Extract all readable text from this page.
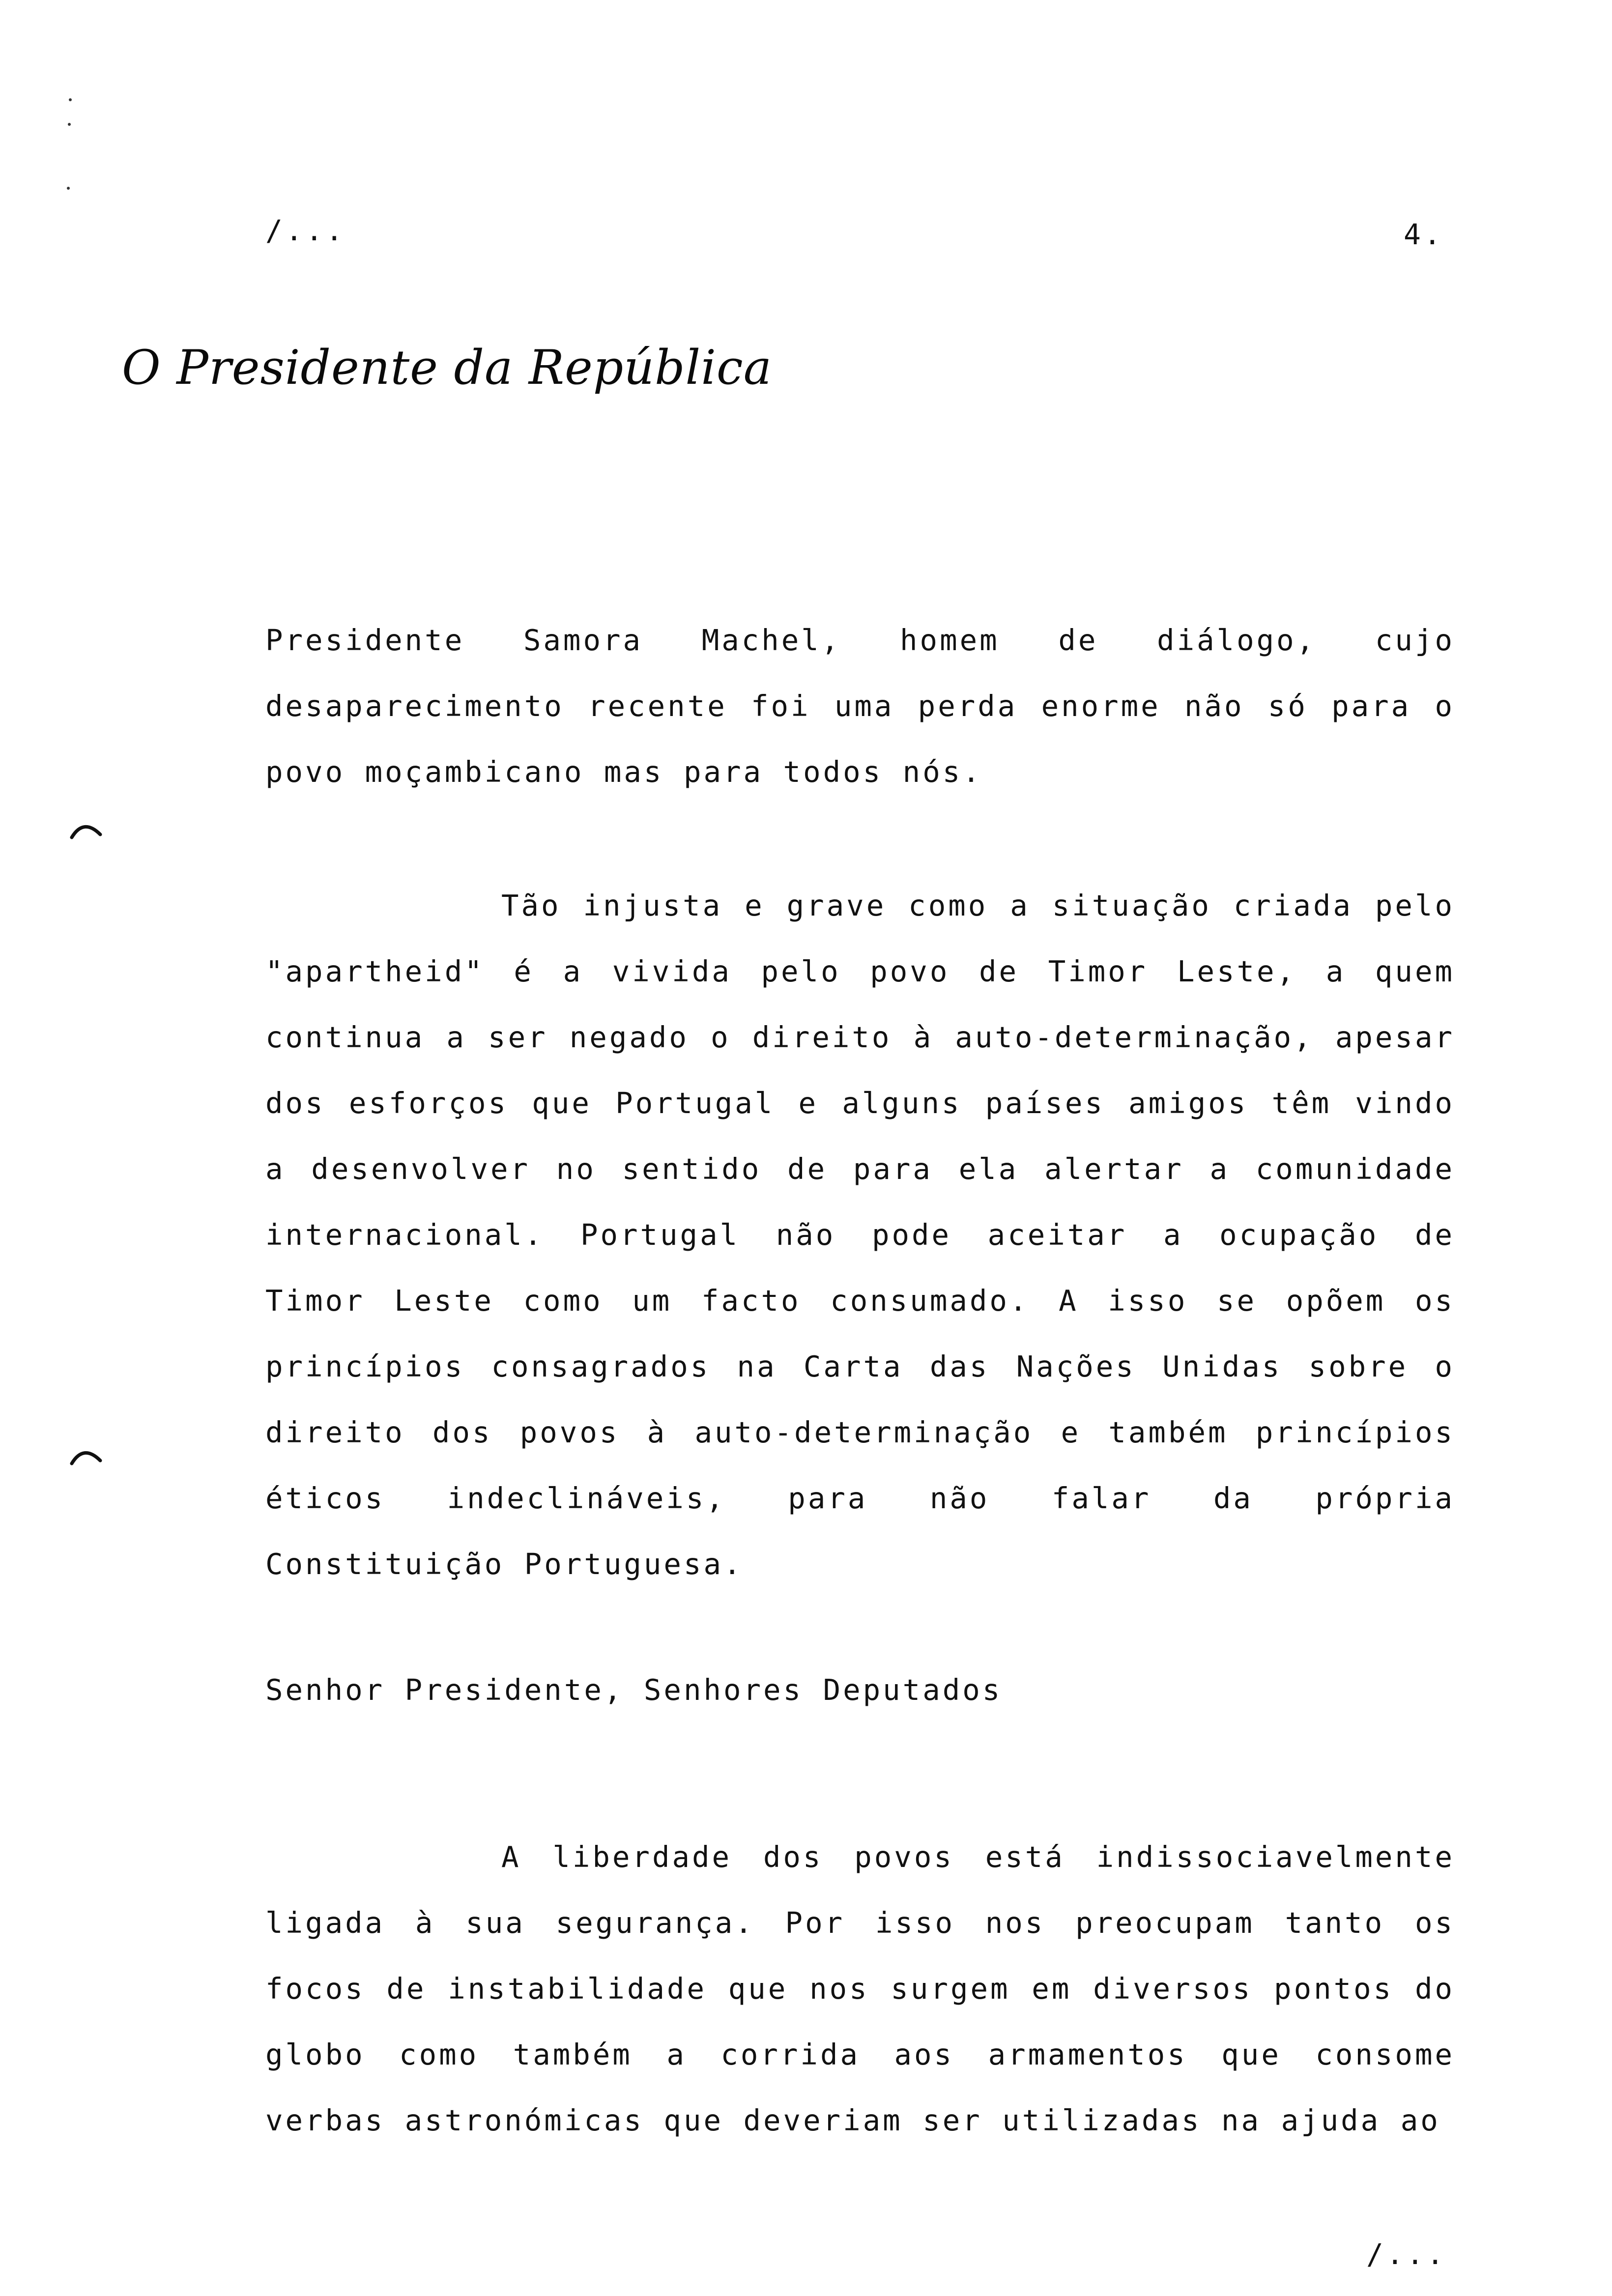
/...	4.
O Presidente da República

Presidente Samora Machel, homem de diálogo, cujo desaparecimento recente foi uma perda enorme não só para o povo moçambicano mas para todos nós.

Tão injusta e grave como a situação criada pelo "apartheid" é a vivida pelo povo de Timor Leste, a quem continua a ser negado o direito à auto-determinação, apesar dos esforços que Portugal e alguns países amigos têm vindo a desenvolver no sentido de para ela alertar a comunidade internacional. Portugal não pode aceitar a ocupação de Timor Leste como um facto consumado. A isso se opõem os princípios consagrados na Carta das Nações Unidas sobre o direito dos povos à auto-determinação e também princípios éticos indeclináveis, para não falar da própria Constituição Portuguesa.

Senhor Presidente, Senhores Deputados

A liberdade dos povos está indissociavelmente ligada à sua segurança. Por isso nos preocupam tanto os focos de instabilidade que nos surgem em diversos pontos do globo como também a corrida aos armamentos que consome verbas astronómicas que deveriam ser utilizadas na ajuda ao

/...
